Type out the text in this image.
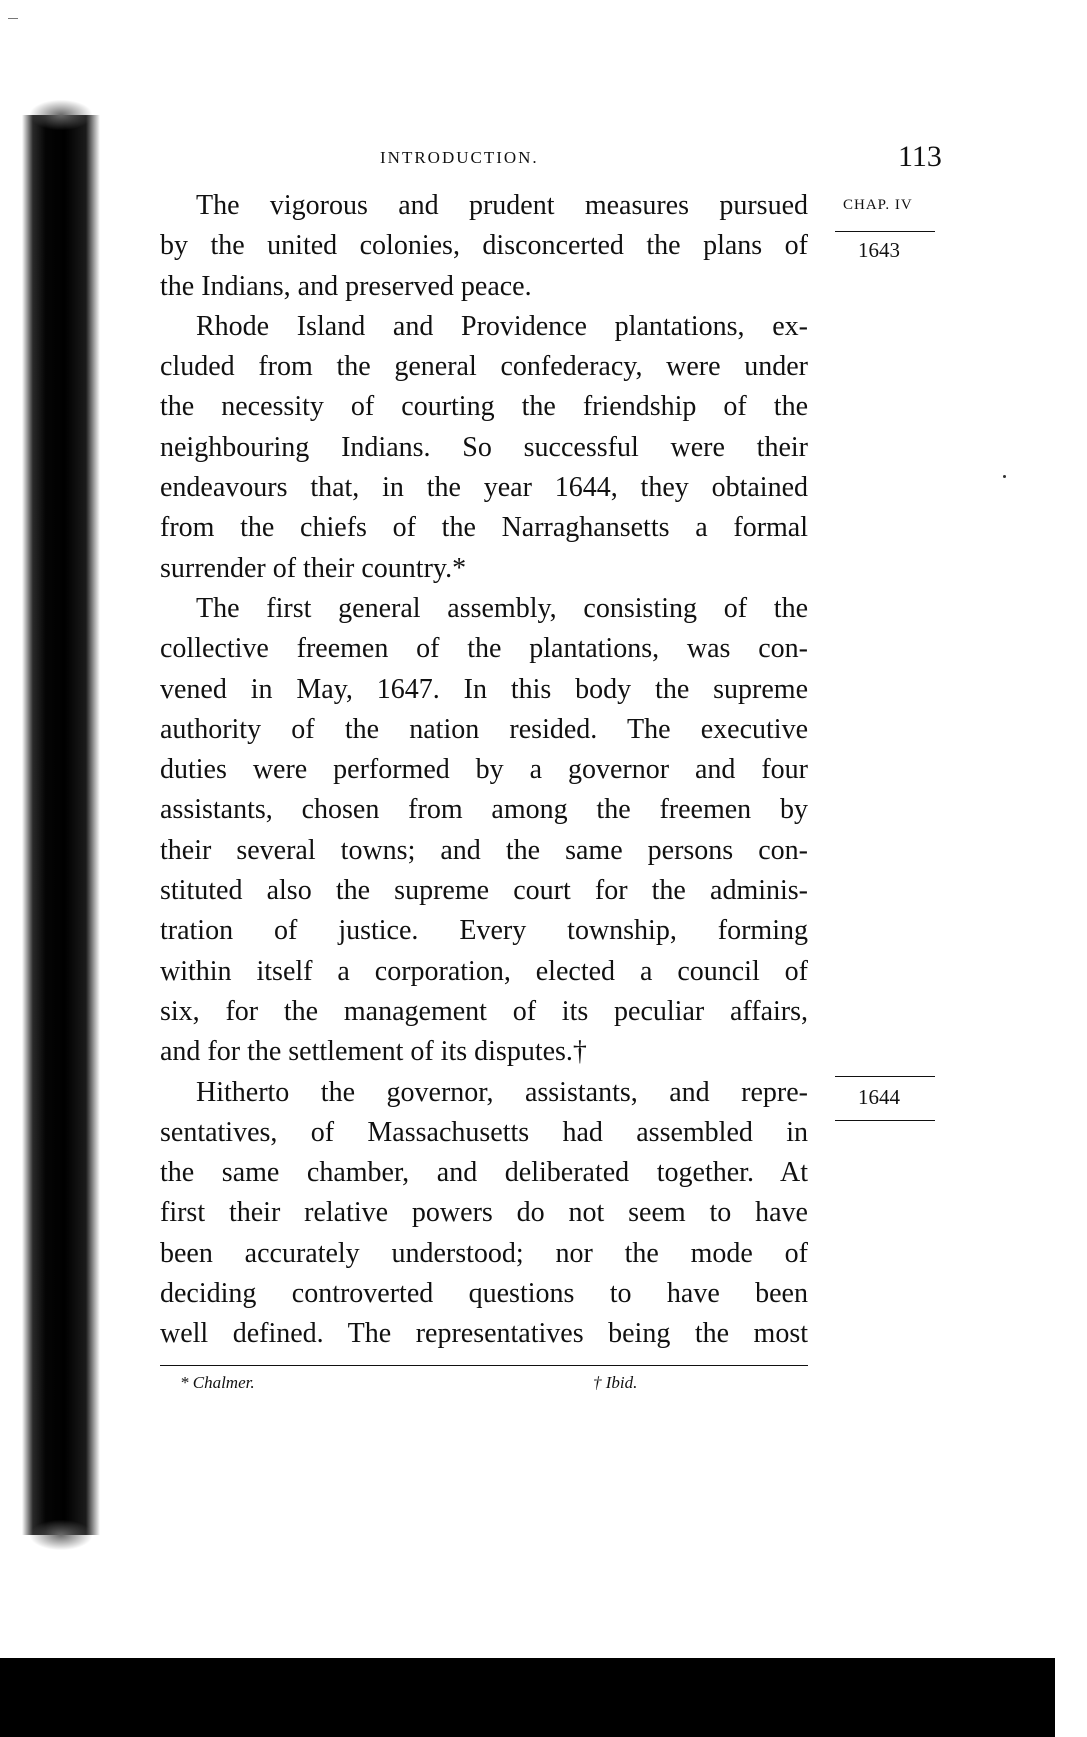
INTRODUCTION.	113
CHAP. IV
1643
1644
The vigorous and prudent measures pursued
by the united colonies, disconcerted the plans of
the Indians, and preserved peace.
Rhode Island and Providence plantations, ex-
cluded from the general confederacy, were under
the necessity of courting the friendship of the
neighbouring Indians. So successful were their
endeavours that, in the year 1644, they obtained
from the chiefs of the Narraghansetts a formal
surrender of their country.*
The first general assembly, consisting of the
collective freemen of the plantations, was con-
vened in May, 1647. In this body the supreme
authority of the nation resided. The executive
duties were performed by a governor and four
assistants, chosen from among the freemen by
their several towns; and the same persons con-
stituted also the supreme court for the adminis-
tration of justice. Every township, forming
within itself a corporation, elected a council of
six, for the management of its peculiar affairs,
and for the settlement of its disputes.†
Hitherto the governor, assistants, and repre-
sentatives, of Massachusetts had assembled in
the same chamber, and deliberated together. At
first their relative powers do not seem to have
been accurately understood; nor the mode of
deciding controverted questions to have been
well defined. The representatives being the most
* Chalmer.	† Ibid.
